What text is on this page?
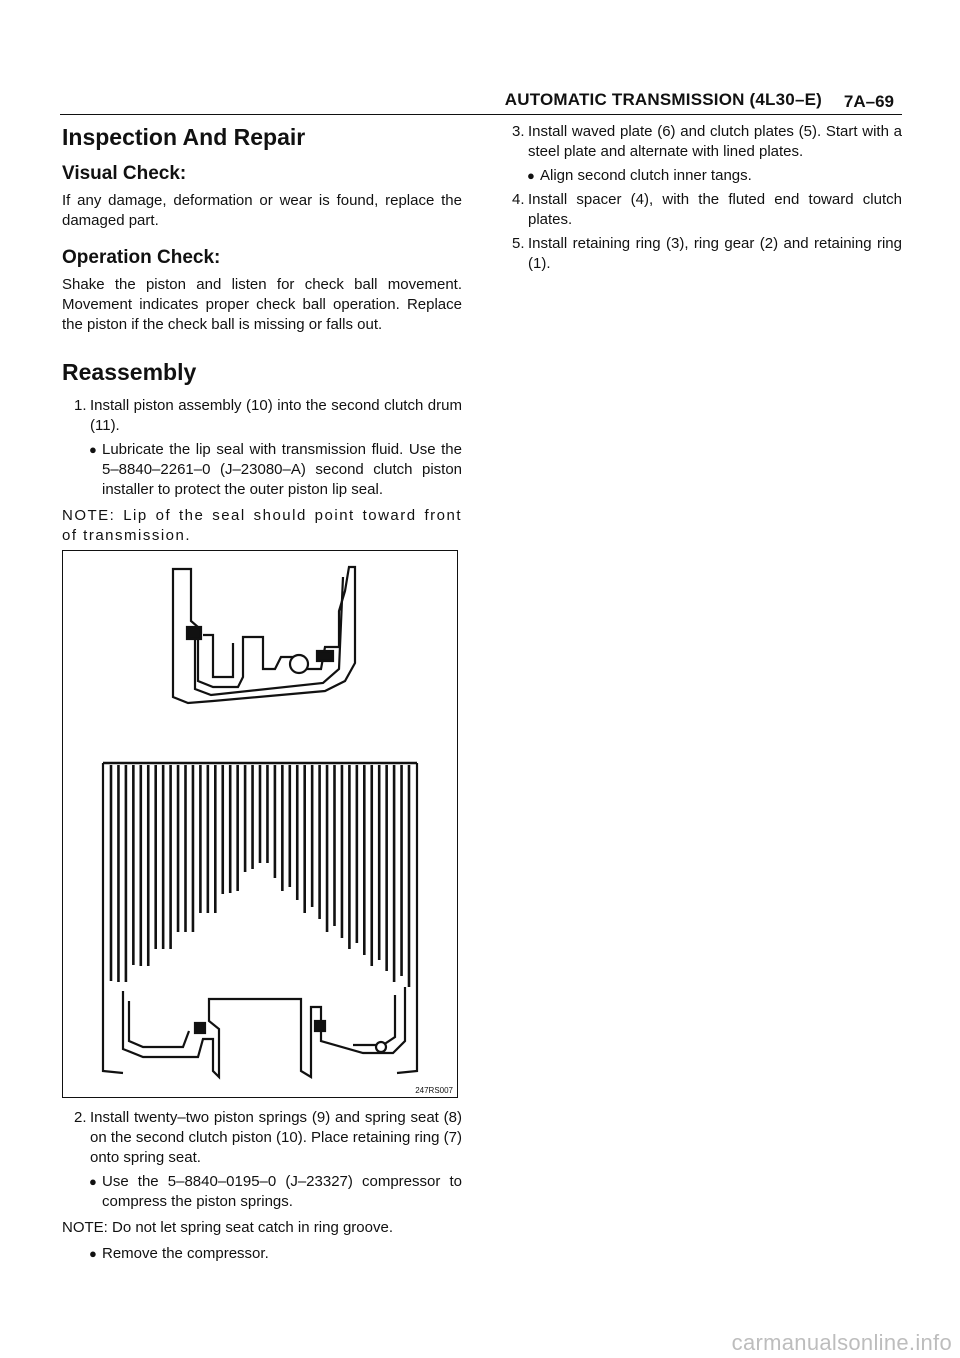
AUTOMATIC TRANSMISSION (4L30–E) 7A–69
Inspection And Repair
Visual Check:

If any damage, deformation or wear is found, replace the damaged part.

Operation Check:

Shake the piston and listen for check ball movement. Movement indicates proper check ball operation. Replace the piston if the check ball is missing or falls out.

Reassembly
1. Install piston assembly (10) into the second clutch drum (11).
● Lubricate the lip seal with transmission fluid. Use the 5–8840–2261–0 (J–23080–A) second clutch piston installer to protect the outer piston lip seal.
NOTE: Lip of the seal should point toward front of transmission.
247RS007
2. Install twenty–two piston springs (9) and spring seat (8) on the second clutch piston (10). Place retaining ring (7) onto spring seat.
● Use the 5–8840–0195–0 (J–23327) compressor to compress the piston springs.
NOTE: Do not let spring seat catch in ring groove.
● Remove the compressor.
3. Install waved plate (6) and clutch plates (5). Start with a steel plate and alternate with lined plates.
● Align second clutch inner tangs.
4. Install spacer (4), with the fluted end toward clutch plates.
5. Install retaining ring (3), ring gear (2) and retaining ring (1).
carmanualsonline.info
